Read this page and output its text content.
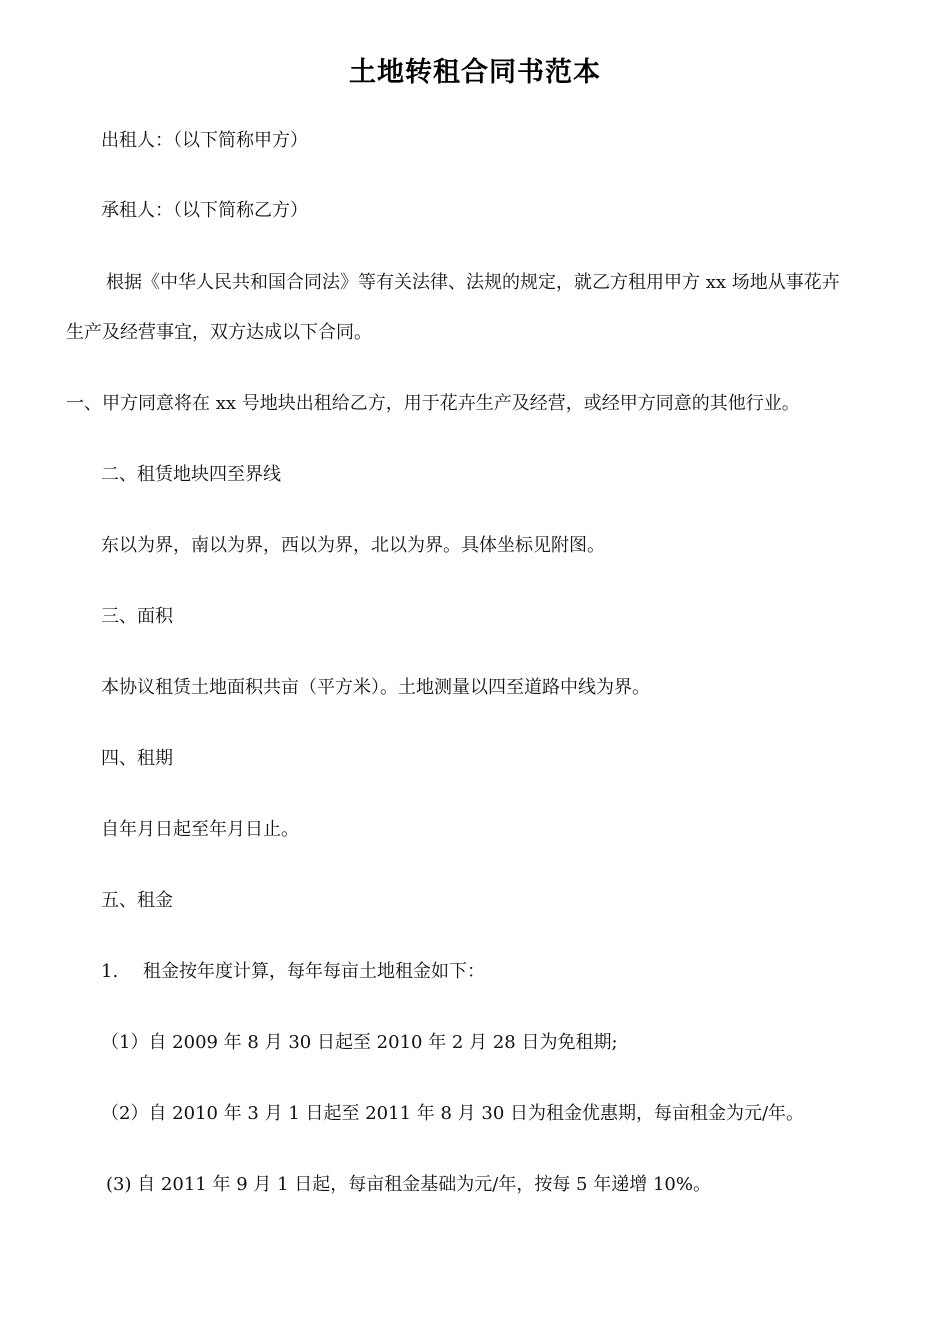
土地转租合同书范本
出租人：（以下简称甲方）
承租人：（以下简称乙方）
根据《中华人民共和国合同法》等有关法律、法规的规定，就乙方租用甲方 xx 场地从事花卉
生产及经营事宜，双方达成以下合同。
一、甲方同意将在 xx 号地块出租给乙方，用于花卉生产及经营，或经甲方同意的其他行业。
二、租赁地块四至界线
东以为界，南以为界，西以为界，北以为界。具体坐标见附图。
三、面积
本协议租赁土地面积共亩（平方米）。土地测量以四至道路中线为界。
四、租期
自年月日起至年月日止。
五、租金
1. 租金按年度计算，每年每亩土地租金如下：
（1）自 2009 年 8 月 30 日起至 2010 年 2 月 28 日为免租期;
（2）自 2010 年 3 月 1 日起至 2011 年 8 月 30 日为租金优惠期，每亩租金为元/年。
(3) 自 2011 年 9 月 1 日起，每亩租金基础为元/年，按每 5 年递增 10%。
